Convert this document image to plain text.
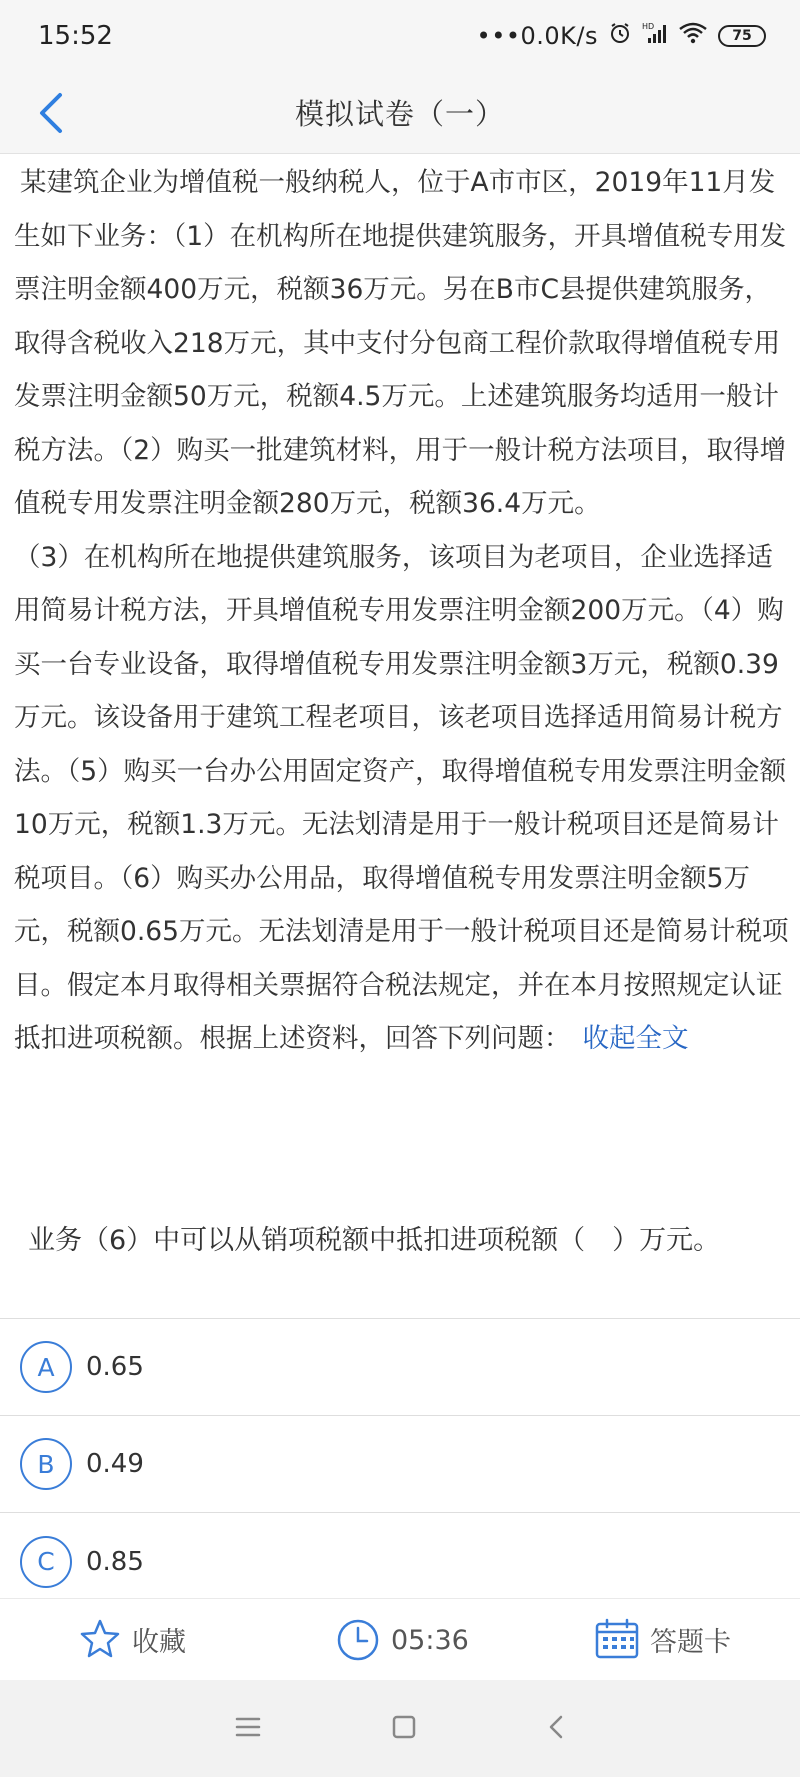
15:52	•••0.0K/s	HD
75
模拟试卷（一）

某建筑企业为增值税一般纳税人，位于A市市区，2019年11月发生如下业务：（1）在机构所在地提供建筑服务，开具增值税专用发票注明金额400万元，税额36万元。另在B市C县提供建筑服务，取得含税收入218万元，其中支付分包商工程价款取得增值税专用发票注明金额50万元，税额4.5万元。上述建筑服务均适用一般计税方法。（2）购买一批建筑材料，用于一般计税方法项目，取得增值税专用发票注明金额280万元，税额36.4万元。

（3）在机构所在地提供建筑服务，该项目为老项目，企业选择适用简易计税方法，开具增值税专用发票注明金额200万元。（4）购买一台专业设备，取得增值税专用发票注明金额3万元，税额0.39万元。该设备用于建筑工程老项目，该老项目选择适用简易计税方法。（5）购买一台办公用固定资产，取得增值税专用发票注明金额10万元，税额1.3万元。无法划清是用于一般计税项目还是简易计税项目。（6）购买办公用品，取得增值税专用发票注明金额5万元，税额0.65万元。无法划清是用于一般计税项目还是简易计税项目。假定本月取得相关票据符合税法规定，并在本月按照规定认证抵扣进项税额。根据上述资料，回答下列问题： 收起全文

业务（6）中可以从销项税额中抵扣进项税额（　）万元。
A	0.65
B	0.49
C	0.85
收藏	05:36	答题卡
